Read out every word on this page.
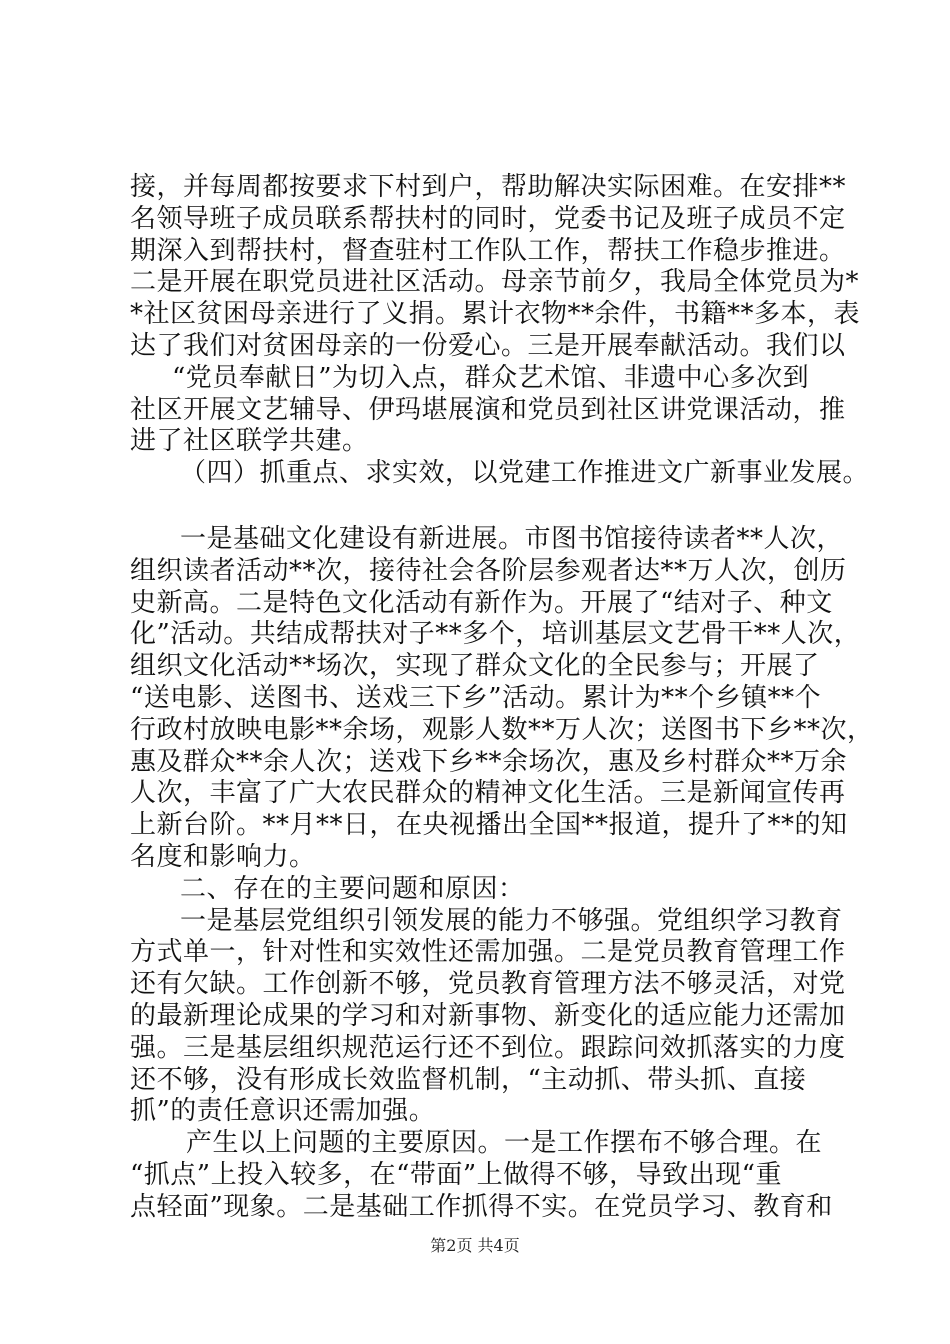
接，并每周都按要求下村到户，帮助解决实际困难。在安排**
名领导班子成员联系帮扶村的同时，党委书记及班子成员不定
期深入到帮扶村，督查驻村工作队工作，帮扶工作稳步推进。
二是开展在职党员进社区活动。母亲节前夕，我局全体党员为*
*社区贫困母亲进行了义捐。累计衣物**余件，书籍**多本，表
达了我们对贫困母亲的一份爱心。三是开展奉献活动。我们以
“党员奉献日”为切入点，群众艺术馆、非遗中心多次到
社区开展文艺辅导、伊玛堪展演和党员到社区讲党课活动，推
进了社区联学共建。
（四）抓重点、求实效，以党建工作推进文广新事业发展。
一是基础文化建设有新进展。市图书馆接待读者**人次，
组织读者活动**次，接待社会各阶层参观者达**万人次，创历
史新高。二是特色文化活动有新作为。开展了“结对子、种文
化”活动。共结成帮扶对子**多个，培训基层文艺骨干**人次，
组织文化活动**场次，实现了群众文化的全民参与；开展了
“送电影、送图书、送戏三下乡”活动。累计为**个乡镇**个
行政村放映电影**余场，观影人数**万人次；送图书下乡**次，
惠及群众**余人次；送戏下乡**余场次，惠及乡村群众**万余
人次，丰富了广大农民群众的精神文化生活。三是新闻宣传再
上新台阶。**月**日，在央视播出全国**报道，提升了**的知
名度和影响力。
二、存在的主要问题和原因：
一是基层党组织引领发展的能力不够强。党组织学习教育
方式单一，针对性和实效性还需加强。二是党员教育管理工作
还有欠缺。工作创新不够，党员教育管理方法不够灵活，对党
的最新理论成果的学习和对新事物、新变化的适应能力还需加
强。三是基层组织规范运行还不到位。跟踪问效抓落实的力度
还不够，没有形成长效监督机制，“主动抓、带头抓、直接
抓”的责任意识还需加强。
产生以上问题的主要原因。一是工作摆布不够合理。在
“抓点”上投入较多，在“带面”上做得不够，导致出现“重
点轻面”现象。二是基础工作抓得不实。在党员学习、教育和
第2页 共4页
